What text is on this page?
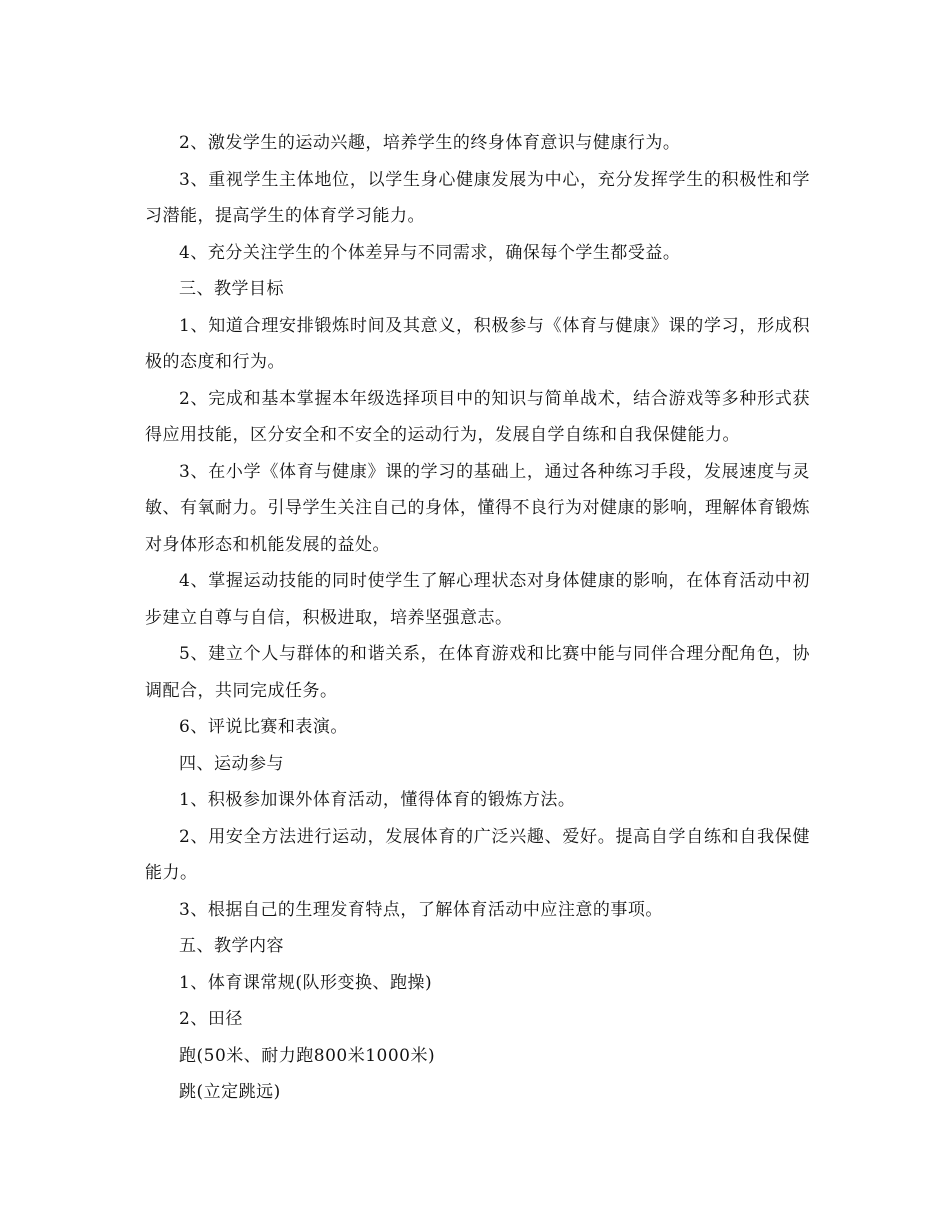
2、激发学生的运动兴趣，培养学生的终身体育意识与健康行为。

3、重视学生主体地位，以学生身心健康发展为中心，充分发挥学生的积极性和学习潜能，提高学生的体育学习能力。

4、充分关注学生的个体差异与不同需求，确保每个学生都受益。

三、教学目标

1、知道合理安排锻炼时间及其意义，积极参与《体育与健康》课的学习，形成积极的态度和行为。

2、完成和基本掌握本年级选择项目中的知识与简单战术，结合游戏等多种形式获得应用技能，区分安全和不安全的运动行为，发展自学自练和自我保健能力。

3、在小学《体育与健康》课的学习的基础上，通过各种练习手段，发展速度与灵敏、有氧耐力。引导学生关注自己的身体，懂得不良行为对健康的影响，理解体育锻炼对身体形态和机能发展的益处。

4、掌握运动技能的同时使学生了解心理状态对身体健康的影响，在体育活动中初步建立自尊与自信，积极进取，培养坚强意志。

5、建立个人与群体的和谐关系，在体育游戏和比赛中能与同伴合理分配角色，协调配合，共同完成任务。

6、评说比赛和表演。

四、运动参与

1、积极参加课外体育活动，懂得体育的锻炼方法。

2、用安全方法进行运动，发展体育的广泛兴趣、爱好。提高自学自练和自我保健能力。

3、根据自己的生理发育特点，了解体育活动中应注意的事项。

五、教学内容

1、体育课常规(队形变换、跑操)

2、田径

跑(50米、耐力跑800米1000米)

跳(立定跳远)
